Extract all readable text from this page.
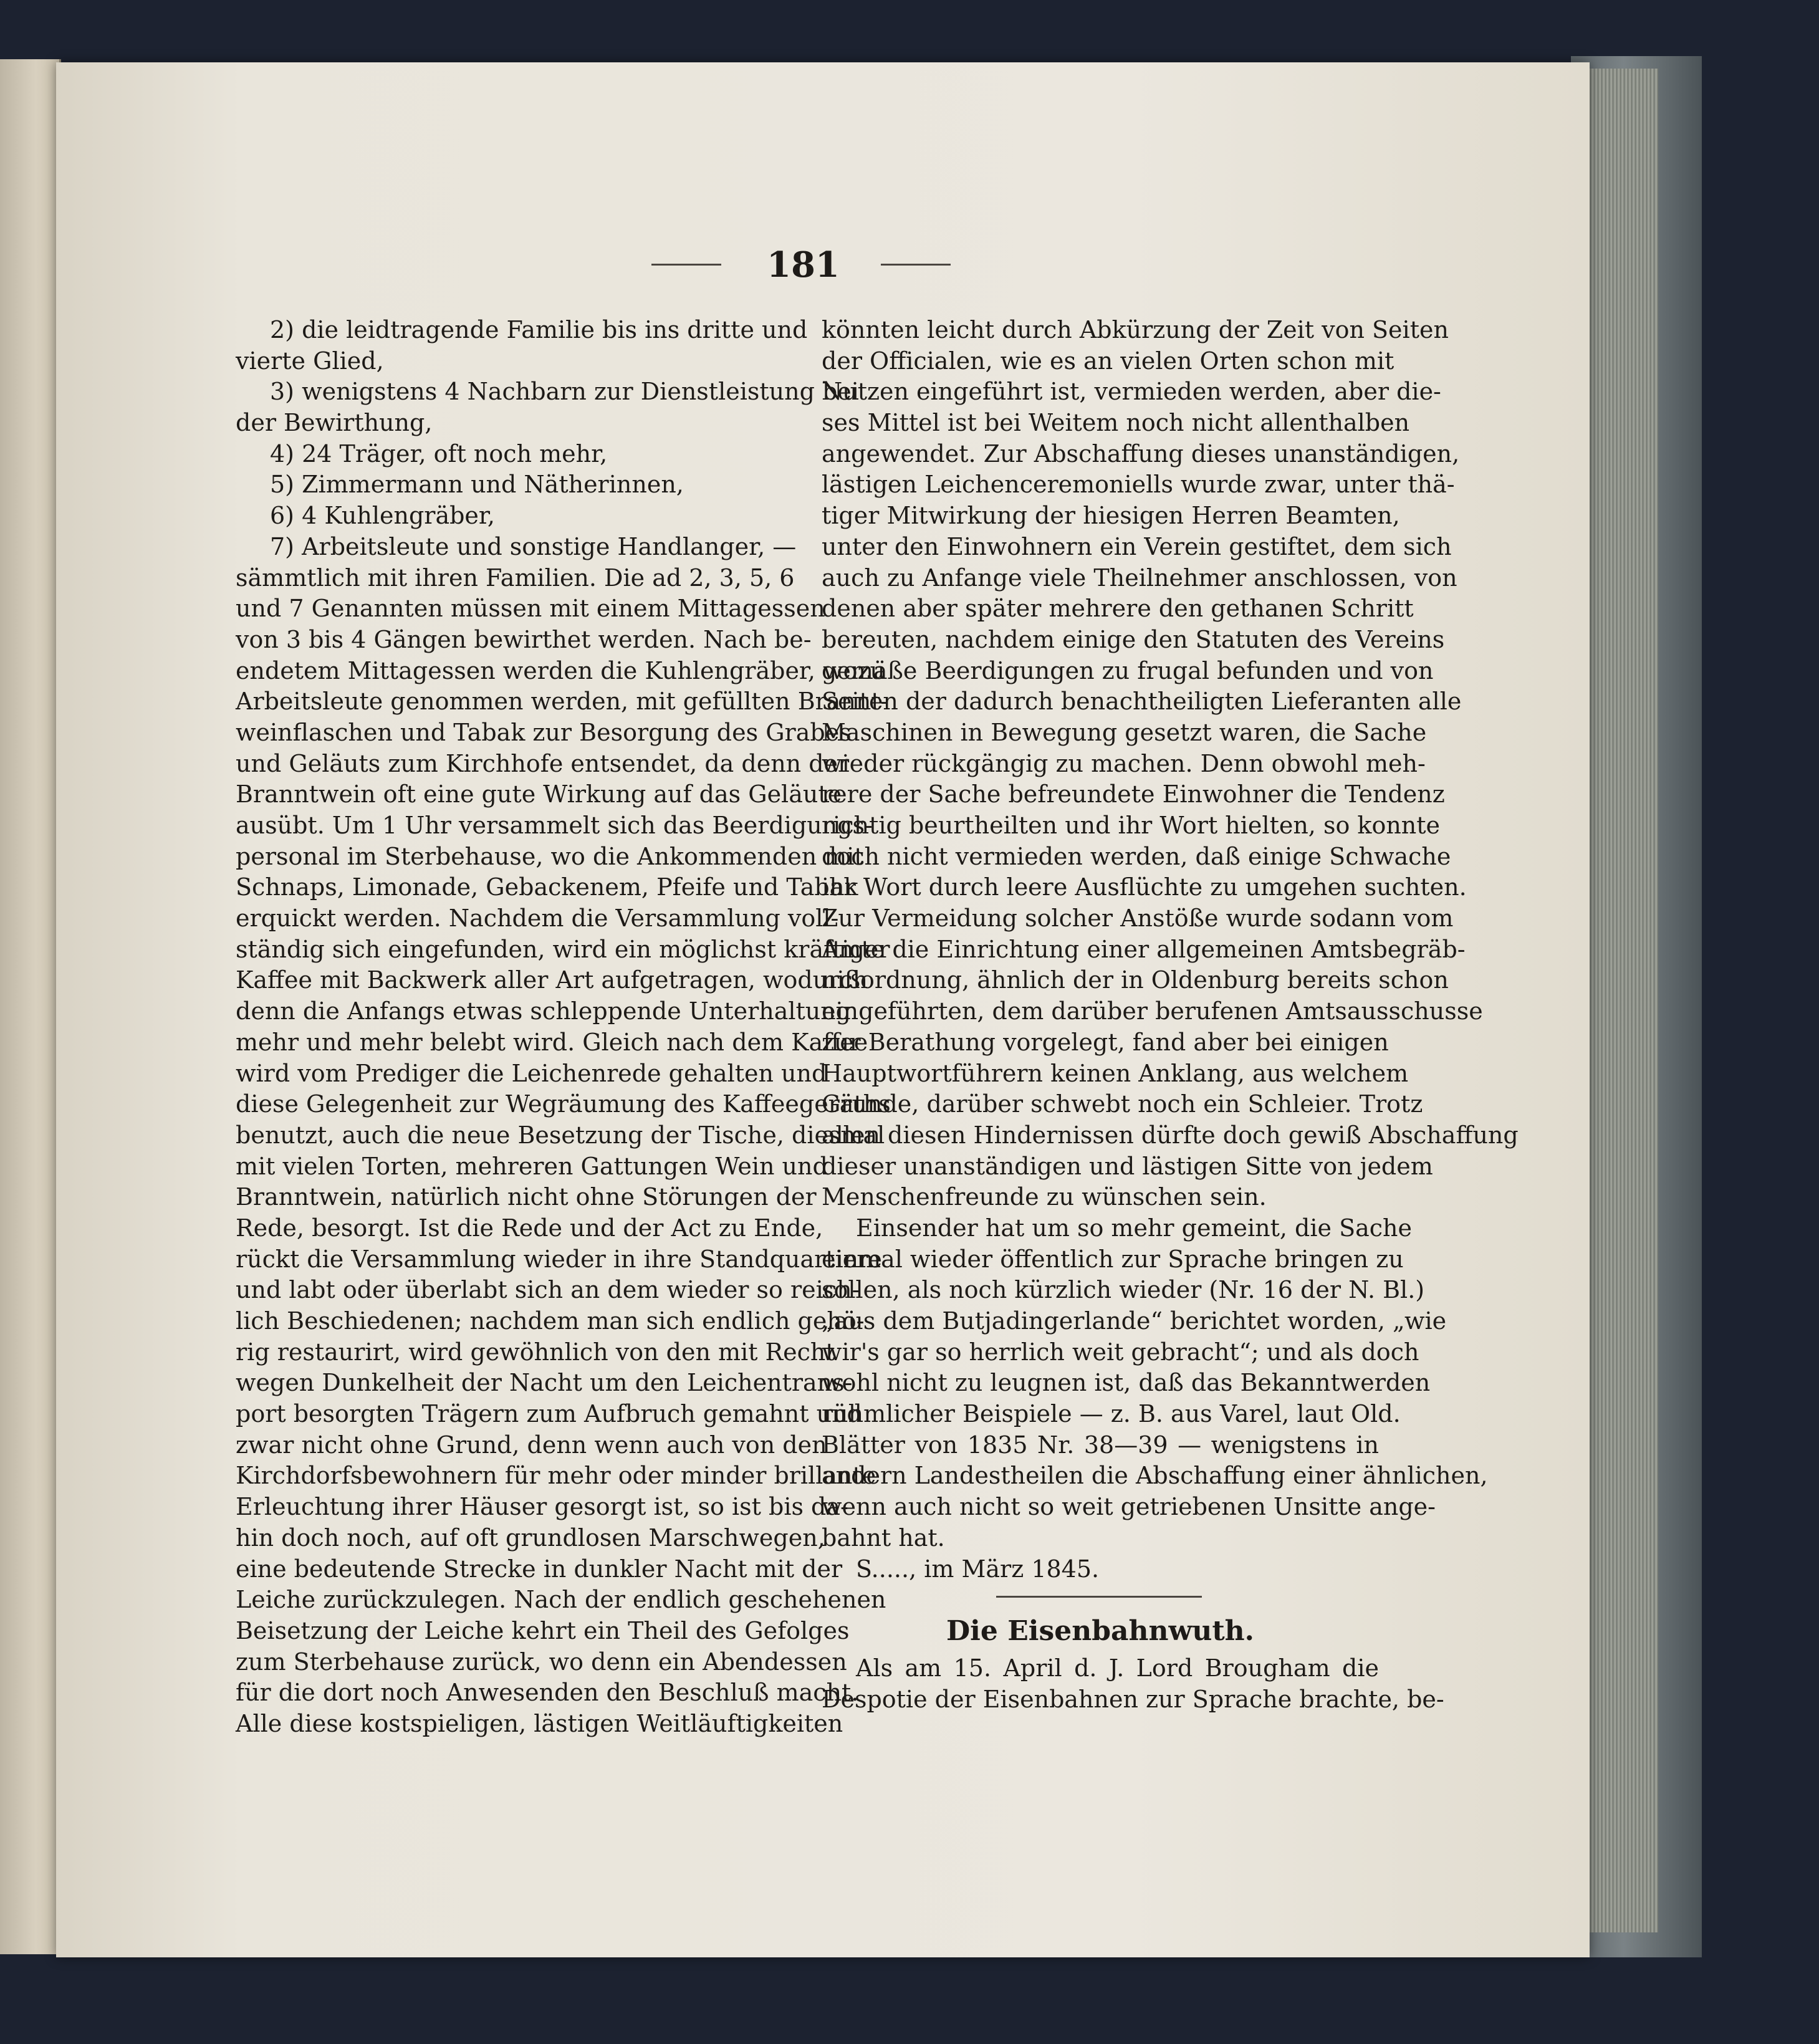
181
2) die leidtragende Familie bis ins dritte und
vierte Glied,
3) wenigstens 4 Nachbarn zur Dienstleistung bei
der Bewirthung,
4) 24 Träger, oft noch mehr,
5) Zimmermann und Nätherinnen,
6) 4 Kuhlengräber,
7) Arbeitsleute und sonstige Handlanger, —
sämmtlich mit ihren Familien. Die ad 2, 3, 5, 6
und 7 Genannten müssen mit einem Mittagessen
von 3 bis 4 Gängen bewirthet werden. Nach be-
endetem Mittagessen werden die Kuhlengräber, wozu
Arbeitsleute genommen werden, mit gefüllten Brannt-
weinflaschen und Tabak zur Besorgung des Grabes
und Geläuts zum Kirchhofe entsendet, da denn der
Branntwein oft eine gute Wirkung auf das Geläute
ausübt. Um 1 Uhr versammelt sich das Beerdigungs-
personal im Sterbehause, wo die Ankommenden mit
Schnaps, Limonade, Gebackenem, Pfeife und Tabak
erquickt werden. Nachdem die Versammlung voll-
ständig sich eingefunden, wird ein möglichst kräftiger
Kaffee mit Backwerk aller Art aufgetragen, wodurch
denn die Anfangs etwas schleppende Unterhaltung
mehr und mehr belebt wird. Gleich nach dem Kaffee
wird vom Prediger die Leichenrede gehalten und
diese Gelegenheit zur Wegräumung des Kaffeegeräths
benutzt, auch die neue Besetzung der Tische, diesmal
mit vielen Torten, mehreren Gattungen Wein und
Branntwein, natürlich nicht ohne Störungen der
Rede, besorgt. Ist die Rede und der Act zu Ende,
rückt die Versammlung wieder in ihre Standquartiere
und labt oder überlabt sich an dem wieder so reich-
lich Beschiedenen; nachdem man sich endlich gehö-
rig restaurirt, wird gewöhnlich von den mit Recht
wegen Dunkelheit der Nacht um den Leichentrans-
port besorgten Trägern zum Aufbruch gemahnt und
zwar nicht ohne Grund, denn wenn auch von den
Kirchdorfsbewohnern für mehr oder minder brillante
Erleuchtung ihrer Häuser gesorgt ist, so ist bis da-
hin doch noch, auf oft grundlosen Marschwegen,
eine bedeutende Strecke in dunkler Nacht mit der
Leiche zurückzulegen. Nach der endlich geschehenen
Beisetzung der Leiche kehrt ein Theil des Gefolges
zum Sterbehause zurück, wo denn ein Abendessen
für die dort noch Anwesenden den Beschluß macht.
Alle diese kostspieligen, lästigen Weitläuftigkeiten
könnten leicht durch Abkürzung der Zeit von Seiten
der Officialen, wie es an vielen Orten schon mit
Nutzen eingeführt ist, vermieden werden, aber die-
ses Mittel ist bei Weitem noch nicht allenthalben
angewendet. Zur Abschaffung dieses unanständigen,
lästigen Leichenceremoniells wurde zwar, unter thä-
tiger Mitwirkung der hiesigen Herren Beamten,
unter den Einwohnern ein Verein gestiftet, dem sich
auch zu Anfange viele Theilnehmer anschlossen, von
denen aber später mehrere den gethanen Schritt
bereuten, nachdem einige den Statuten des Vereins
gemäße Beerdigungen zu frugal befunden und von
Seiten der dadurch benachtheiligten Lieferanten alle
Maschinen in Bewegung gesetzt waren, die Sache
wieder rückgängig zu machen. Denn obwohl meh-
rere der Sache befreundete Einwohner die Tendenz
richtig beurtheilten und ihr Wort hielten, so konnte
doch nicht vermieden werden, daß einige Schwache
ihr Wort durch leere Ausflüchte zu umgehen suchten.
Zur Vermeidung solcher Anstöße wurde sodann vom
Amte die Einrichtung einer allgemeinen Amtsbegräb-
nißordnung, ähnlich der in Oldenburg bereits schon
eingeführten, dem darüber berufenen Amtsausschusse
zur Berathung vorgelegt, fand aber bei einigen
Hauptwortführern keinen Anklang, aus welchem
Grunde, darüber schwebt noch ein Schleier. Trotz
allen diesen Hindernissen dürfte doch gewiß Abschaffung
dieser unanständigen und lästigen Sitte von jedem
Menschenfreunde zu wünschen sein.
Einsender hat um so mehr gemeint, die Sache
einmal wieder öffentlich zur Sprache bringen zu
sollen, als noch kürzlich wieder (Nr. 16 der N. Bl.)
„aus dem Butjadingerlande“ berichtet worden, „wie
wir's gar so herrlich weit gebracht“; und als doch
wohl nicht zu leugnen ist, daß das Bekanntwerden
rühmlicher Beispiele — z. B. aus Varel, laut Old.
Blätter von 1835 Nr. 38—39 — wenigstens in
andern Landestheilen die Abschaffung einer ähnlichen,
wenn auch nicht so weit getriebenen Unsitte ange-
bahnt hat.
S....., im März 1845.
Die Eisenbahnwuth.
Als am 15. April d. J. Lord Brougham die
Despotie der Eisenbahnen zur Sprache brachte, be-
